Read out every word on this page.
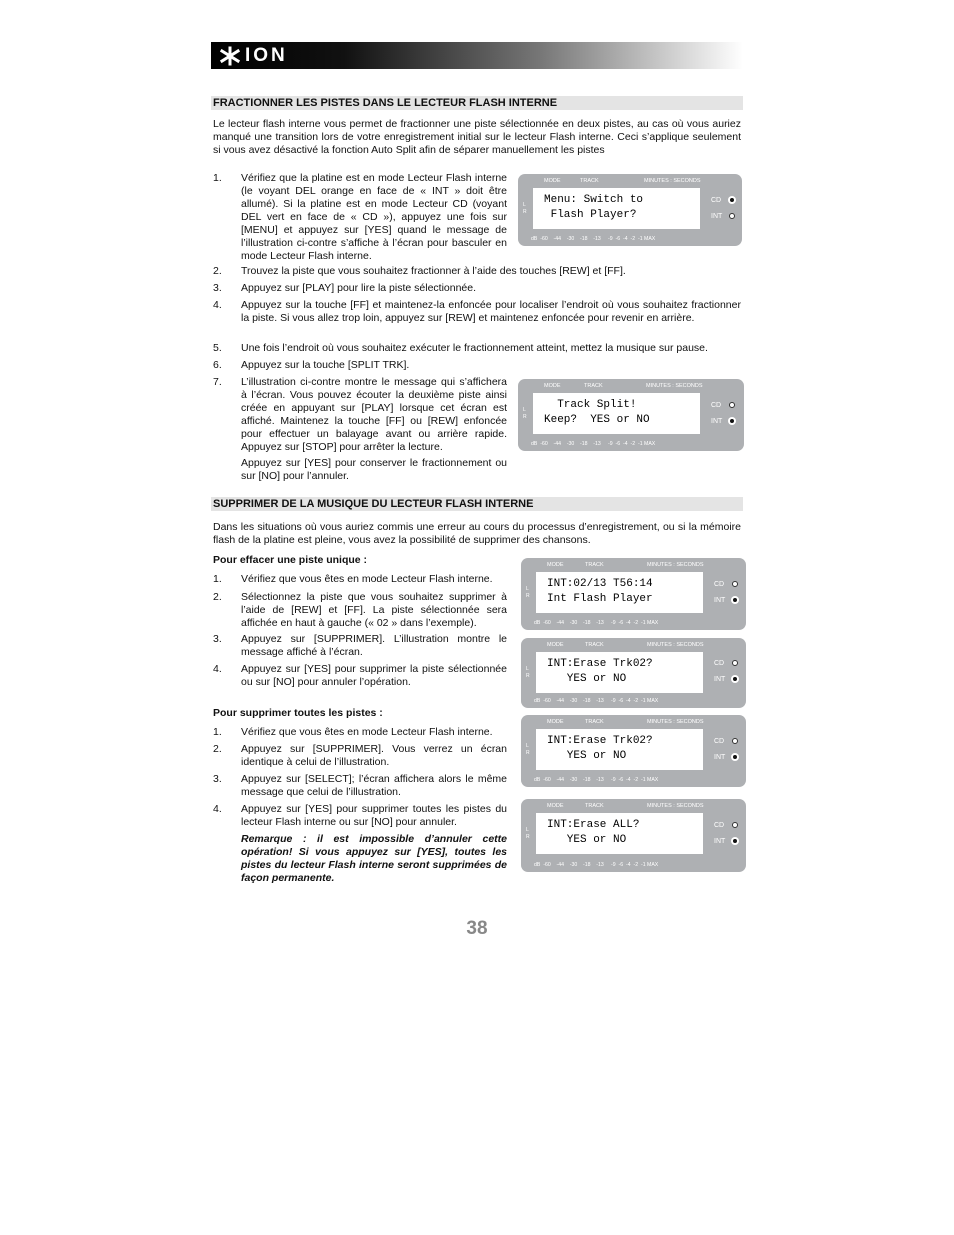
ION
FRACTIONNER LES PISTES DANS LE LECTEUR FLASH INTERNE
Le lecteur flash interne vous permet de fractionner une piste sélectionnée en deux pistes, au cas où vous auriez manqué une transition lors de votre enregistrement initial sur le lecteur Flash interne. Ceci s’applique seulement si vous avez désactivé la fonction Auto Split afin de séparer manuellement les pistes
1.	Vérifiez que la platine est en mode Lecteur Flash interne (le voyant DEL orange en face de « INT » doit être allumé). Si la platine est en mode Lecteur CD (voyant DEL vert en face de « CD »), appuyez une fois sur [MENU] et appuyez sur [YES] quand le message de l’illustration ci-contre s’affiche à l’écran pour basculer en mode Lecteur Flash interne.
2.	Trouvez la piste que vous souhaitez fractionner à l’aide des touches [REW] et [FF].
3.	Appuyez sur [PLAY] pour lire la piste sélectionnée.
4.	Appuyez sur la touche [FF] et maintenez-la enfoncée pour localiser l’endroit où vous souhaitez fractionner la piste. Si vous allez trop loin, appuyez sur [REW] et maintenez enfoncée pour revenir en arrière.
5.	Une fois l’endroit où vous souhaitez exécuter le fractionnement atteint, mettez la musique sur pause.
6.	Appuyez sur la touche [SPLIT TRK].
7.	L’illustration ci-contre montre le message qui s’affichera à l’écran. Vous pouvez écouter la deuxième piste ainsi créée en appuyant sur [PLAY] lorsque cet écran est affiché. Maintenez la touche [FF] ou [REW] enfoncée pour effectuer un balayage avant ou arrière rapide. Appuyez sur [STOP] pour arrêter la lecture.
Appuyez sur [YES] pour conserver le fractionnement ou sur [NO] pour l’annuler.
SUPPRIMER DE LA MUSIQUE DU LECTEUR FLASH INTERNE
Dans les situations où vous auriez commis une erreur au cours du processus d’enregistrement, ou si la mémoire flash de la platine est pleine, vous avez la possibilité de supprimer des chansons.
Pour effacer une piste unique :
1.	Vérifiez que vous êtes en mode Lecteur Flash interne.
2.	Sélectionnez la piste que vous souhaitez supprimer à l’aide de [REW] et [FF]. La piste sélectionnée sera affichée en haut à gauche (« 02 » dans l’exemple).
3.	Appuyez sur [SUPPRIMER]. L’illustration montre le message affiché à l’écran.
4.	Appuyez sur [YES] pour supprimer la piste sélectionnée ou sur [NO] pour annuler l’opération.
Pour supprimer toutes les pistes :
1.	Vérifiez que vous êtes en mode Lecteur Flash interne.
2.	Appuyez sur [SUPPRIMER]. Vous verrez un écran identique à celui de l’illustration.
3.	Appuyez sur [SELECT]; l’écran affichera alors le même message que celui de l’illustration.
4.	Appuyez sur [YES] pour supprimer toutes les pistes du lecteur Flash interne ou sur [NO] pour annuler.
Remarque : il est impossible d’annuler cette opération! Si vous appuyez sur [YES], toutes les pistes du lecteur Flash interne seront supprimées de façon permanente.
MODE	TRACK	MINUTES : SECONDS
L
R
Menu: Switch to
Flash Player?
CD
INT
dB  -60    -44    -30    -18    -13     -9  -6  -4  -2  -1 MAX
MODE	TRACK	MINUTES : SECONDS
L
R
Track Split!
Keep?  YES or NO
CD
INT
dB  -60    -44    -30    -18    -13     -9  -6  -4  -2  -1 MAX
MODE	TRACK	MINUTES : SECONDS
L
R
INT:02/13 T56:14
Int Flash Player
CD
INT
dB  -60    -44    -30    -18    -13     -9  -6  -4  -2  -1 MAX
MODE	TRACK	MINUTES : SECONDS
L
R
INT:Erase Trk02?
YES or NO
CD
INT
dB  -60    -44    -30    -18    -13     -9  -6  -4  -2  -1 MAX
MODE	TRACK	MINUTES : SECONDS
L
R
INT:Erase Trk02?
YES or NO
CD
INT
dB  -60    -44    -30    -18    -13     -9  -6  -4  -2  -1 MAX
MODE	TRACK	MINUTES : SECONDS
L
R
INT:Erase ALL?
YES or NO
CD
INT
dB  -60    -44    -30    -18    -13     -9  -6  -4  -2  -1 MAX
38
